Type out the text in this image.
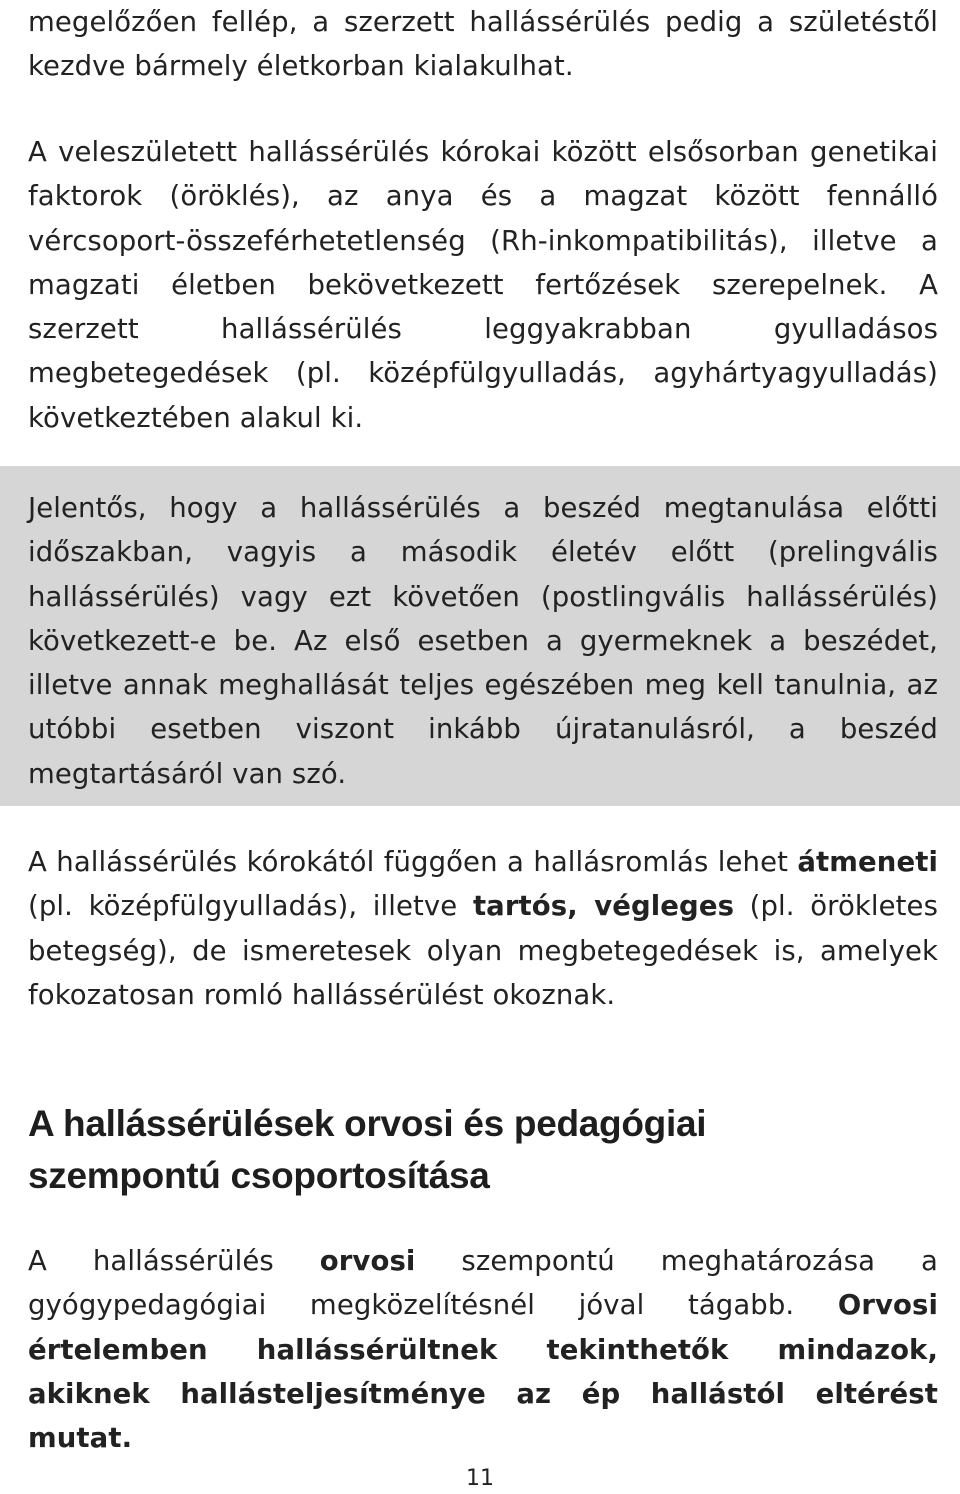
megelőzően fellép, a szerzett hallássérülés pedig a születéstől kezdve bármely életkorban kialakulhat.

A veleszületett hallássérülés kórokai között elsősorban genetikai faktorok (öröklés), az anya és a magzat között fennálló vércsoport-összeférhetetlenség (Rh-inkompatibilitás), illetve a magzati életben bekövetkezett fertőzések szerepelnek. A szerzett hallássérülés leggyakrabban gyulladásos megbetegedések (pl. középfülgyulladás, agyhártyagyulladás) következtében alakul ki.

Jelentős, hogy a hallássérülés a beszéd megtanulása előtti időszakban, vagyis a második életév előtt (prelingvális hallássérülés) vagy ezt követően (postlingvális hallássérülés) következett-e be. Az első esetben a gyermeknek a beszédet, illetve annak meghallását teljes egészében meg kell tanulnia, az utóbbi esetben viszont inkább újratanulásról, a beszéd megtartásáról van szó.

A hallássérülés kórokától függően a hallásromlás lehet átmeneti (pl. középfülgyulladás), illetve tartós, végleges (pl. örökletes betegség), de ismeretesek olyan megbetegedések is, amelyek fokozatosan romló hallássérülést okoznak.

A hallássérülések orvosi és pedagógiai
szempontú csoportosítása

A hallássérülés orvosi szempontú meghatározása a gyógypedagógiai megközelítésnél jóval tágabb. Orvosi értelemben hallássérültnek tekinthetők mindazok, akiknek hallásteljesítménye az ép hallástól eltérést mutat.

11
